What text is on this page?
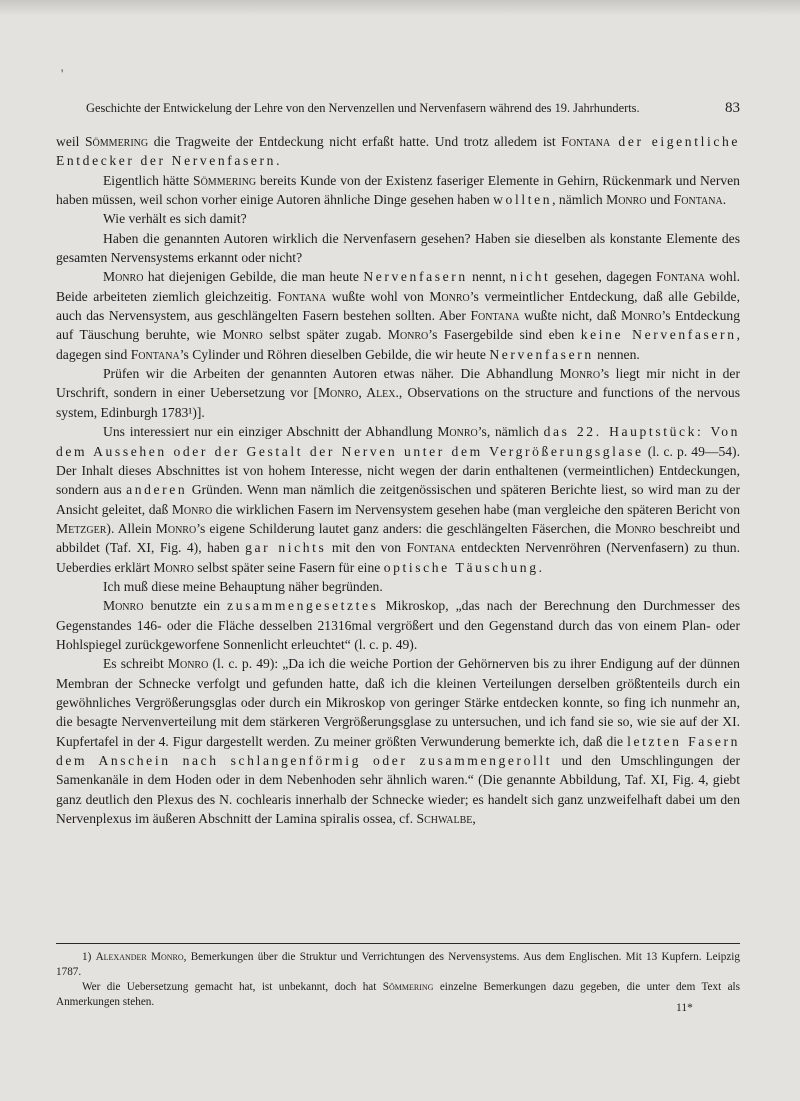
'
Geschichte der Entwickelung der Lehre von den Nervenzellen und Nervenfasern während des 19. Jahrhunderts.	83

weil Sömmering die Tragweite der Entdeckung nicht erfaßt hatte. Und trotz alledem ist Fontana der eigentliche Entdecker der Nervenfasern.

Eigentlich hätte Sömmering bereits Kunde von der Existenz faseriger Elemente in Gehirn, Rückenmark und Nerven haben müssen, weil schon vorher einige Autoren ähnliche Dinge gesehen haben wollten, nämlich Monro und Fontana.

Wie verhält es sich damit?

Haben die genannten Autoren wirklich die Nervenfasern gesehen? Haben sie dieselben als konstante Elemente des gesamten Nervensystems erkannt oder nicht?

Monro hat diejenigen Gebilde, die man heute Nervenfasern nennt, nicht gesehen, dagegen Fontana wohl. Beide arbeiteten ziemlich gleichzeitig. Fontana wußte wohl von Monro’s vermeintlicher Entdeckung, daß alle Gebilde, auch das Nervensystem, aus geschlängelten Fasern bestehen sollten. Aber Fontana wußte nicht, daß Monro’s Entdeckung auf Täuschung beruhte, wie Monro selbst später zugab. Monro’s Fasergebilde sind eben keine Nervenfasern, dagegen sind Fontana’s Cylinder und Röhren dieselben Gebilde, die wir heute Nervenfasern nennen.

Prüfen wir die Arbeiten der genannten Autoren etwas näher. Die Abhandlung Monro’s liegt mir nicht in der Urschrift, sondern in einer Uebersetzung vor [Monro, Alex., Observations on the structure and functions of the nervous system, Edinburgh 1783¹)].

Uns interessiert nur ein einziger Abschnitt der Abhandlung Monro’s, nämlich das 22. Hauptstück: Von dem Aussehen oder der Gestalt der Nerven unter dem Vergrößerungsglase (l. c. p. 49—54). Der Inhalt dieses Abschnittes ist von hohem Interesse, nicht wegen der darin enthaltenen (vermeintlichen) Entdeckungen, sondern aus anderen Gründen. Wenn man nämlich die zeitgenössischen und späteren Berichte liest, so wird man zu der Ansicht geleitet, daß Monro die wirklichen Fasern im Nervensystem gesehen habe (man vergleiche den späteren Bericht von Metzger). Allein Monro’s eigene Schilderung lautet ganz anders: die geschlängelten Fäserchen, die Monro beschreibt und abbildet (Taf. XI, Fig. 4), haben gar nichts mit den von Fontana entdeckten Nervenröhren (Nervenfasern) zu thun. Ueberdies erklärt Monro selbst später seine Fasern für eine optische Täuschung.

Ich muß diese meine Behauptung näher begründen.

Monro benutzte ein zusammengesetztes Mikroskop, „das nach der Berechnung den Durchmesser des Gegenstandes 146- oder die Fläche desselben 21316mal vergrößert und den Gegenstand durch das von einem Plan- oder Hohlspiegel zurückgeworfene Sonnenlicht erleuchtet“ (l. c. p. 49).

Es schreibt Monro (l. c. p. 49): „Da ich die weiche Portion der Gehörnerven bis zu ihrer Endigung auf der dünnen Membran der Schnecke verfolgt und gefunden hatte, daß ich die kleinen Verteilungen derselben größtenteils durch ein gewöhnliches Vergrößerungsglas oder durch ein Mikroskop von geringer Stärke entdecken konnte, so fing ich nunmehr an, die besagte Nervenverteilung mit dem stärkeren Vergrößerungsglase zu untersuchen, und ich fand sie so, wie sie auf der XI. Kupfertafel in der 4. Figur dargestellt werden. Zu meiner größten Verwunderung bemerkte ich, daß die letzten Fasern dem Anschein nach schlangenförmig oder zusammengerollt und den Umschlingungen der Samenkanäle in dem Hoden oder in dem Nebenhoden sehr ähnlich waren.“ (Die genannte Abbildung, Taf. XI, Fig. 4, giebt ganz deutlich den Plexus des N. cochlearis innerhalb der Schnecke wieder; es handelt sich ganz unzweifelhaft dabei um den Nervenplexus im äußeren Abschnitt der Lamina spiralis ossea, cf. Schwalbe,

1) Alexander Monro, Bemerkungen über die Struktur und Verrichtungen des Nervensystems. Aus dem Englischen. Mit 13 Kupfern. Leipzig 1787.

Wer die Uebersetzung gemacht hat, ist unbekannt, doch hat Sömmering einzelne Bemerkungen dazu gegeben, die unter dem Text als Anmerkungen stehen.	11*
